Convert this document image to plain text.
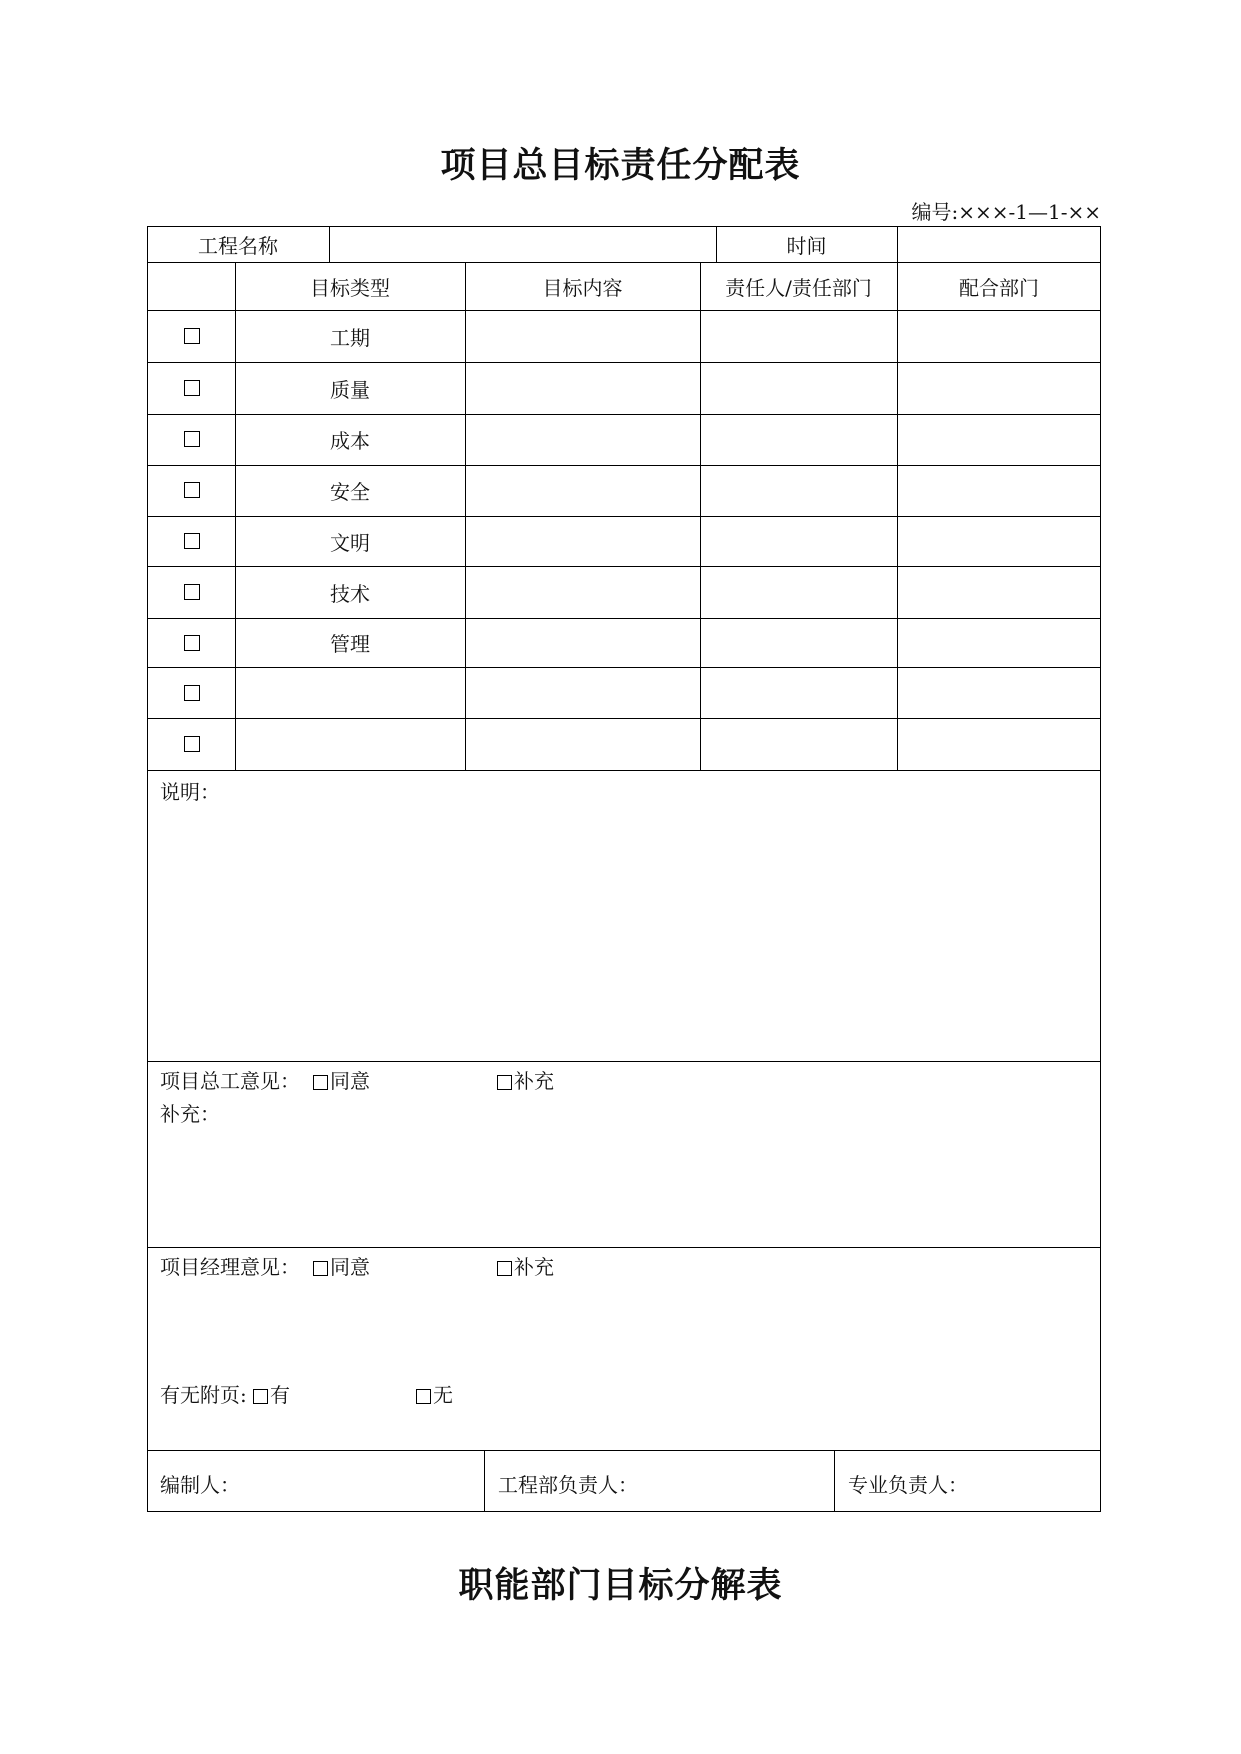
项目总目标责任分配表
编号:×××-1—1-××
工程名称	时间
目标类型	目标内容	责任人/责任部门	配合部门
工期
质量
成本
安全
文明
技术
管理
说明：
项目总工意见：	同意	补充
补充：
项目经理意见：	同意	补充
有无附页:	有	无
编制人：	工程部负责人：	专业负责人：
职能部门目标分解表
